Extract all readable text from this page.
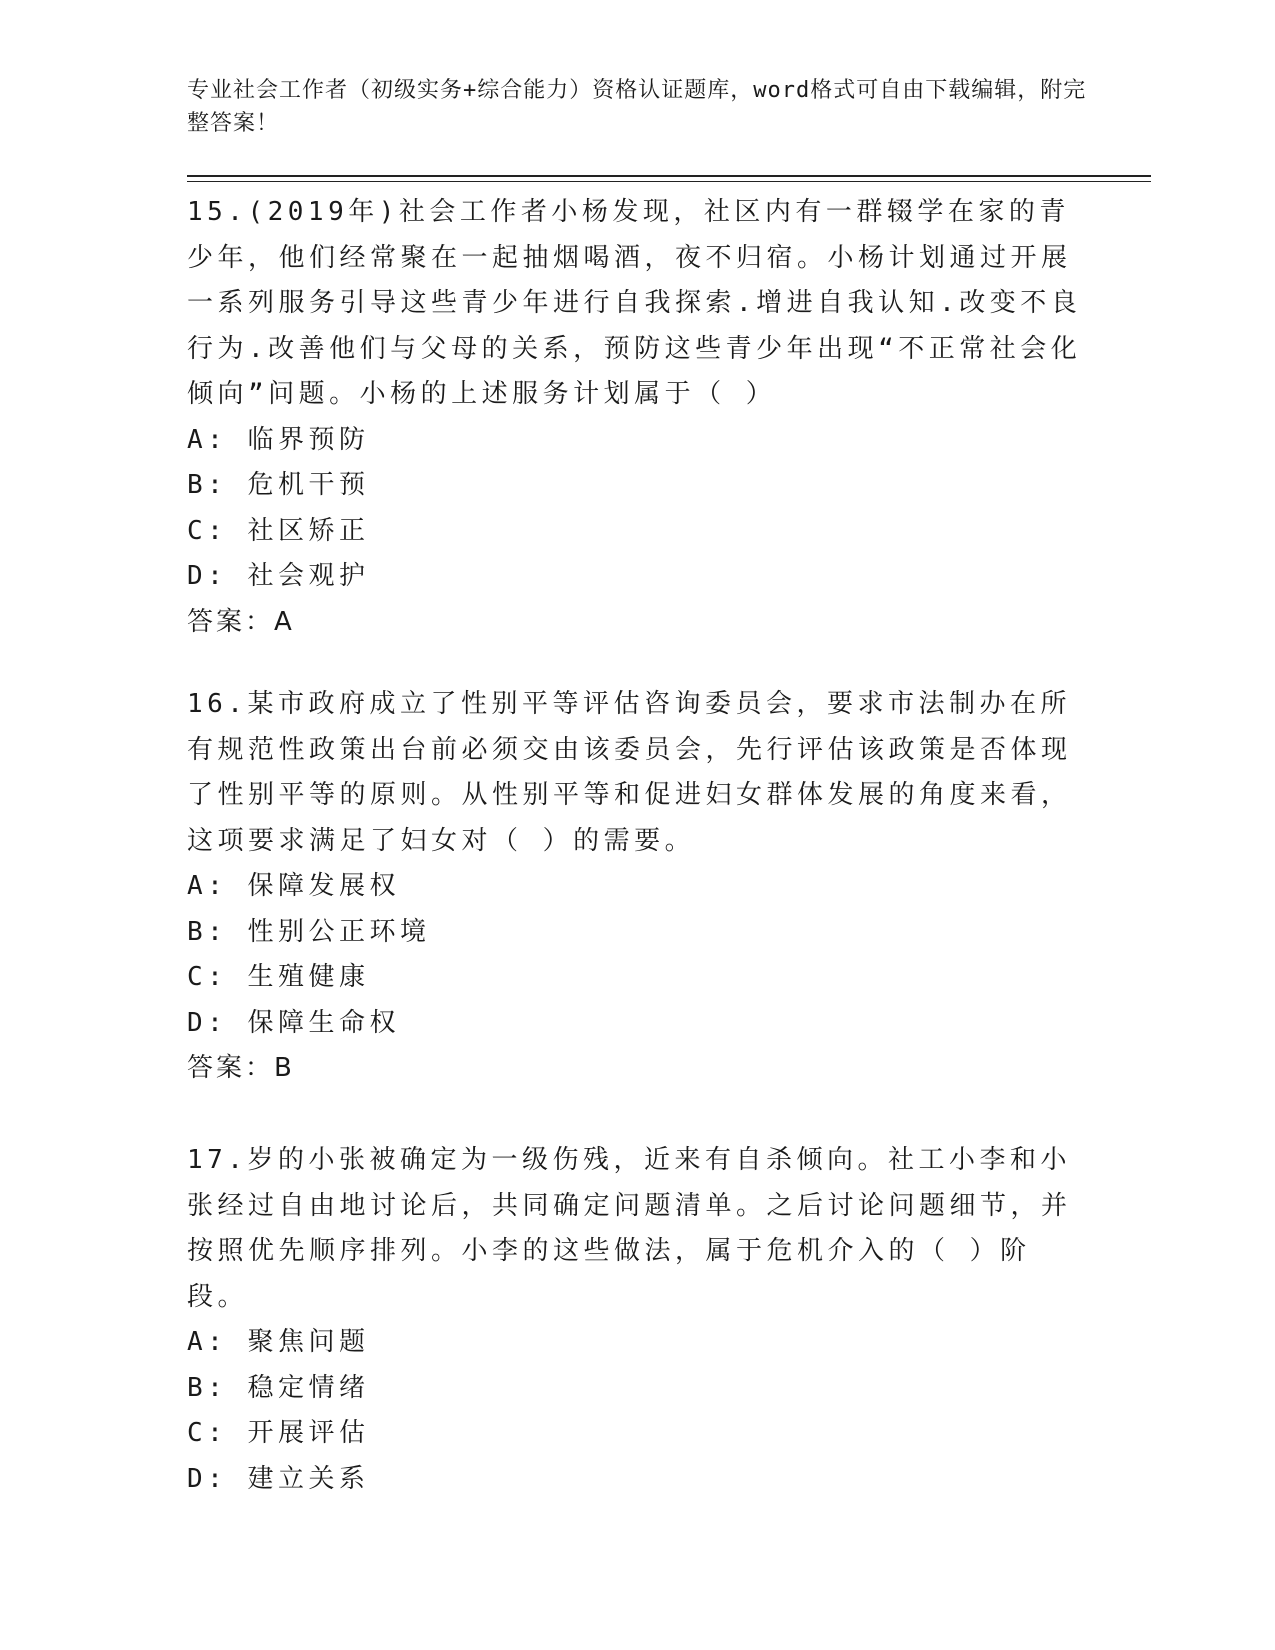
专业社会工作者（初级实务+综合能力）资格认证题库，word格式可自由下载编辑，附完整答案！

15.(2019年)社会工作者小杨发现，社区内有一群辍学在家的青少年，他们经常聚在一起抽烟喝酒，夜不归宿。小杨计划通过开展一系列服务引导这些青少年进行自我探索.增进自我认知.改变不良行为.改善他们与父母的关系，预防这些青少年出现“不正常社会化倾向”问题。小杨的上述服务计划属于（ ）

A: 临界预防

B: 危机干预

C: 社区矫正

D: 社会观护

答案：A

16.某市政府成立了性别平等评估咨询委员会，要求市法制办在所有规范性政策出台前必须交由该委员会，先行评估该政策是否体现了性别平等的原则。从性别平等和促进妇女群体发展的角度来看，这项要求满足了妇女对（ ）的需要。

A: 保障发展权

B: 性别公正环境

C: 生殖健康

D: 保障生命权

答案：B

17.岁的小张被确定为一级伤残，近来有自杀倾向。社工小李和小张经过自由地讨论后，共同确定问题清单。之后讨论问题细节，并按照优先顺序排列。小李的这些做法，属于危机介入的（ ）阶段。

A: 聚焦问题

B: 稳定情绪

C: 开展评估

D: 建立关系
